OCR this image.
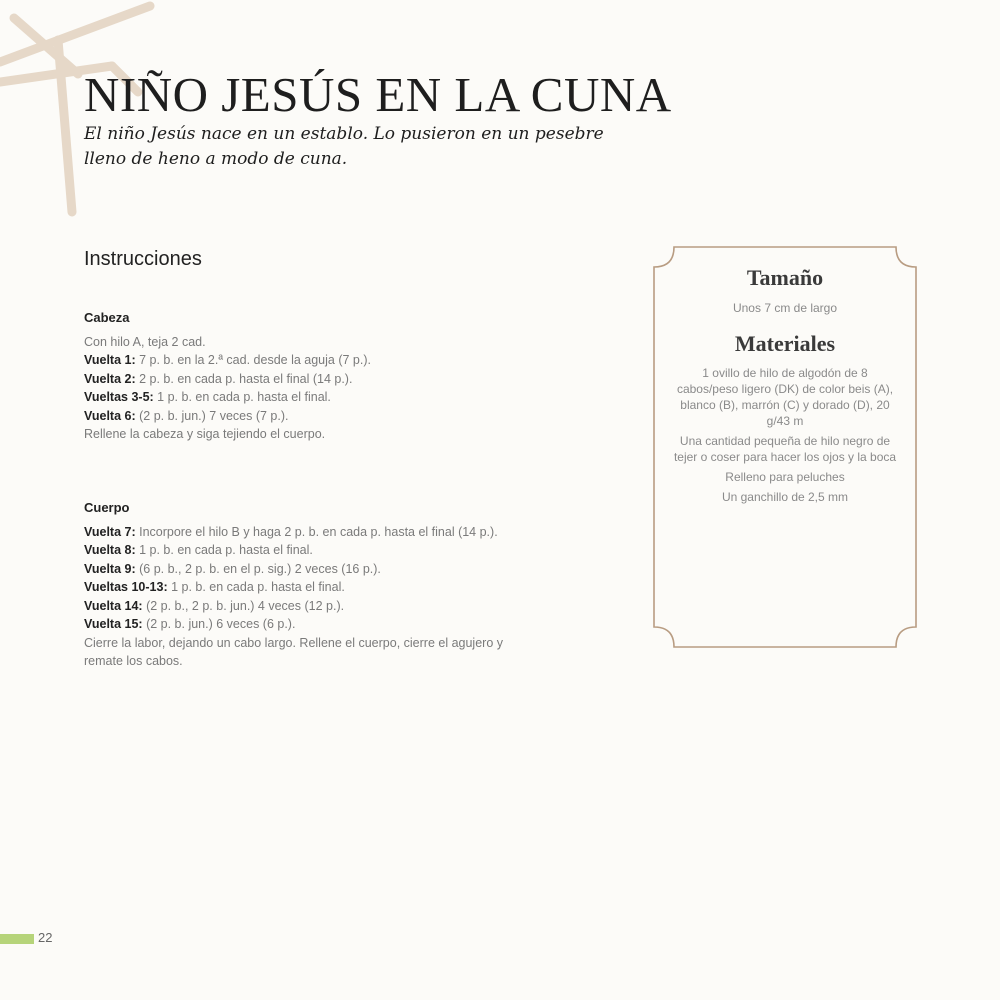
NIÑO JESÚS EN LA CUNA

El niño Jesús nace en un establo. Lo pusieron en un pesebre lleno de heno a modo de cuna.

Instrucciones
Cabeza

Con hilo A, teja 2 cad.

Vuelta 1: 7 p. b. en la 2.ª cad. desde la aguja (7 p.).

Vuelta 2: 2 p. b. en cada p. hasta el final (14 p.).

Vueltas 3-5: 1 p. b. en cada p. hasta el final.

Vuelta 6: (2 p. b. jun.) 7 veces (7 p.).

Rellene la cabeza y siga tejiendo el cuerpo.

Cuerpo

Vuelta 7: Incorpore el hilo B y haga 2 p. b. en cada p. hasta el final (14 p.).

Vuelta 8: 1 p. b. en cada p. hasta el final.

Vuelta 9: (6 p. b., 2 p. b. en el p. sig.) 2 veces (16 p.).

Vueltas 10-13: 1 p. b. en cada p. hasta el final.

Vuelta 14: (2 p. b., 2 p. b. jun.) 4 veces (12 p.).

Vuelta 15: (2 p. b. jun.) 6 veces (6 p.).

Cierre la labor, dejando un cabo largo. Rellene el cuerpo, cierre el agujero y remate los cabos.

Tamaño

Unos 7 cm de largo

Materiales

1 ovillo de hilo de algodón de 8 cabos/peso ligero (DK) de color beis (A), blanco (B), marrón (C) y dorado (D), 20 g/43 m

Una cantidad pequeña de hilo negro de tejer o coser para hacer los ojos y la boca

Relleno para peluches

Un ganchillo de 2,5 mm

22
